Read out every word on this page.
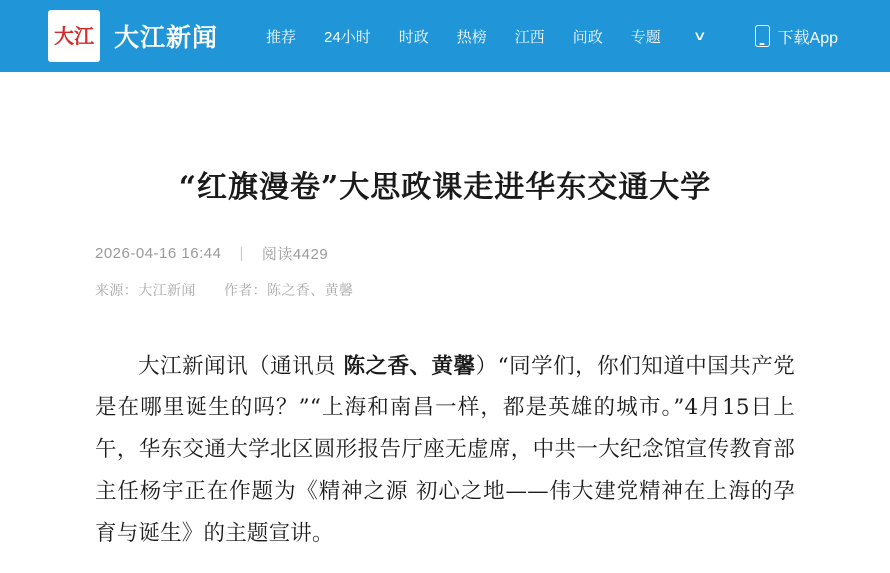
大江 大江新闻	推荐 24小时 时政 热榜 江西 问政 专题 ∨	下载App
“红旗漫卷”大思政课走进华东交通大学
2026-04-16 16:44 | 阅读4429
来源：大江新闻 作者：陈之香、黄馨

大江新闻讯（通讯员 陈之香、黄馨）“同学们，你们知道中国共产党是在哪里诞生的吗？”“上海和南昌一样，都是英雄的城市。”4月15日上午，华东交通大学北区圆形报告厅座无虚席，中共一大纪念馆宣传教育部主任杨宇正在作题为《精神之源 初心之地——伟大建党精神在上海的孕育与诞生》的主题宣讲。
